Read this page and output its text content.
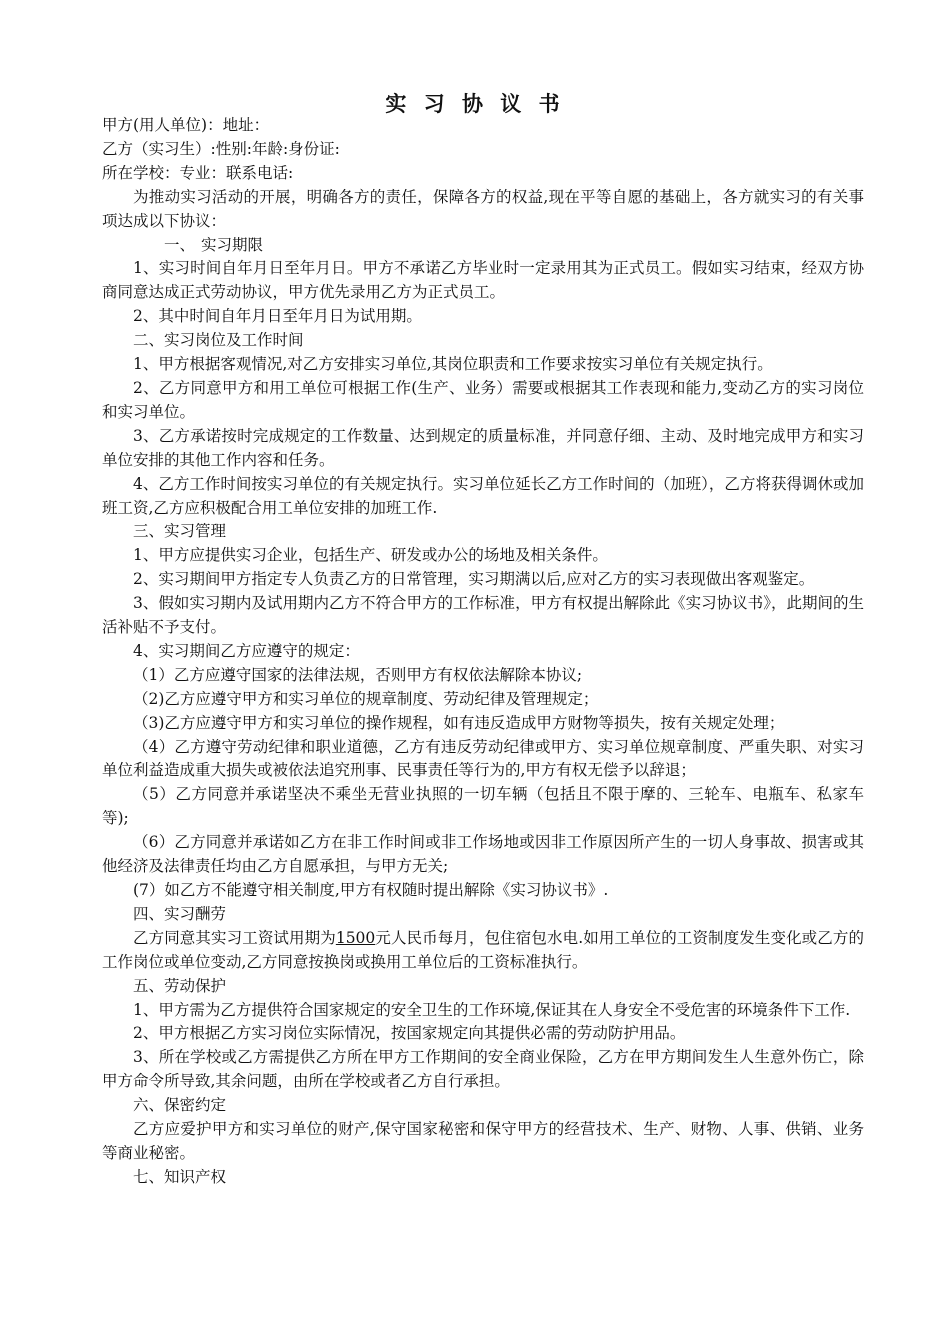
实 习 协 议 书

甲方(用人单位)：地址：

乙方（实习生）:性别:年龄:身份证:

所在学校：专业：联系电话:

为推动实习活动的开展，明确各方的责任，保障各方的权益,现在平等自愿的基础上，各方就实习的有关事项达成以下协议：

一、 实习期限

1、实习时间自年月日至年月日。甲方不承诺乙方毕业时一定录用其为正式员工。假如实习结束，经双方协商同意达成正式劳动协议，甲方优先录用乙方为正式员工。

2、其中时间自年月日至年月日为试用期。

二、实习岗位及工作时间

1、甲方根据客观情况,对乙方安排实习单位,其岗位职责和工作要求按实习单位有关规定执行。

2、乙方同意甲方和用工单位可根据工作(生产、业务）需要或根据其工作表现和能力,变动乙方的实习岗位和实习单位。

3、乙方承诺按时完成规定的工作数量、达到规定的质量标准，并同意仔细、主动、及时地完成甲方和实习单位安排的其他工作内容和任务。

4、乙方工作时间按实习单位的有关规定执行。实习单位延长乙方工作时间的（加班），乙方将获得调休或加班工资,乙方应积极配合用工单位安排的加班工作.

三、实习管理

1、甲方应提供实习企业，包括生产、研发或办公的场地及相关条件。

2、实习期间甲方指定专人负责乙方的日常管理，实习期满以后,应对乙方的实习表现做出客观鉴定。

3、假如实习期内及试用期内乙方不符合甲方的工作标准，甲方有权提出解除此《实习协议书》，此期间的生活补贴不予支付。

4、实习期间乙方应遵守的规定：

（1）乙方应遵守国家的法律法规，否则甲方有权依法解除本协议;

（2)乙方应遵守甲方和实习单位的规章制度、劳动纪律及管理规定；

（3)乙方应遵守甲方和实习单位的操作规程，如有违反造成甲方财物等损失，按有关规定处理；

（4）乙方遵守劳动纪律和职业道德，乙方有违反劳动纪律或甲方、实习单位规章制度、严重失职、对实习单位利益造成重大损失或被依法追究刑事、民事责任等行为的,甲方有权无偿予以辞退；

（5）乙方同意并承诺坚决不乘坐无营业执照的一切车辆（包括且不限于摩的、三轮车、电瓶车、私家车等);

（6）乙方同意并承诺如乙方在非工作时间或非工作场地或因非工作原因所产生的一切人身事故、损害或其他经济及法律责任均由乙方自愿承担，与甲方无关;

(7）如乙方不能遵守相关制度,甲方有权随时提出解除《实习协议书》.

四、实习酬劳

乙方同意其实习工资试用期为1500元人民币每月，包住宿包水电.如用工单位的工资制度发生变化或乙方的工作岗位或单位变动,乙方同意按换岗或换用工单位后的工资标准执行。

五、劳动保护

1、甲方需为乙方提供符合国家规定的安全卫生的工作环境,保证其在人身安全不受危害的环境条件下工作.

2、甲方根据乙方实习岗位实际情况，按国家规定向其提供必需的劳动防护用品。

3、所在学校或乙方需提供乙方所在甲方工作期间的安全商业保险，乙方在甲方期间发生人生意外伤亡，除甲方命令所导致,其余问题，由所在学校或者乙方自行承担。

六、保密约定

乙方应爱护甲方和实习单位的财产,保守国家秘密和保守甲方的经营技术、生产、财物、人事、供销、业务等商业秘密。

七、知识产权
